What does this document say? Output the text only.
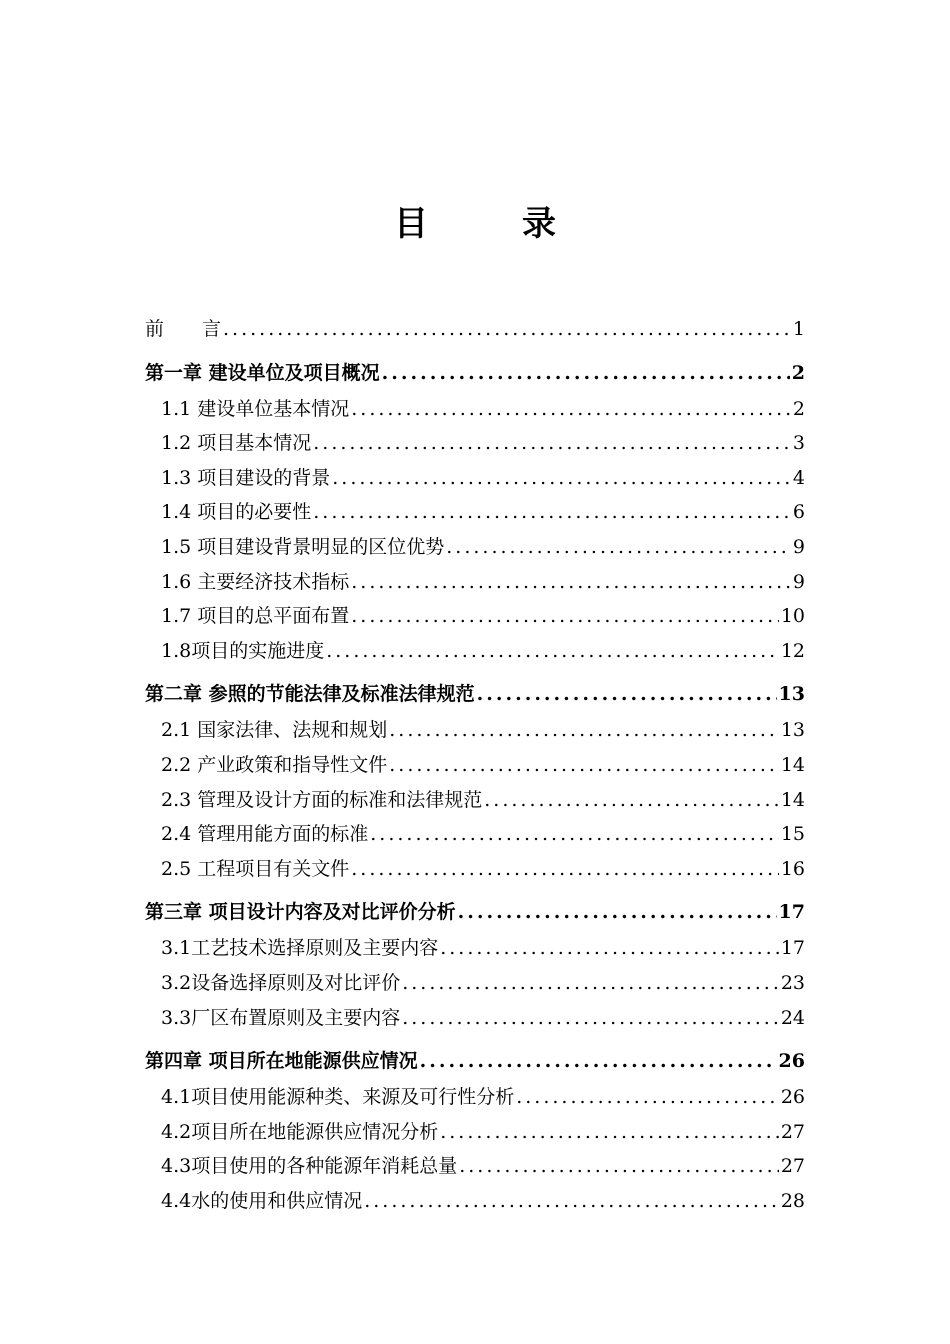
目　录
前　　言 .....	1
第一章 建设单位及项目概况 .....	2
1.1 建设单位基本情况 .....	2
1.2 项目基本情况 .....	3
1.3 项目建设的背景 .....	4
1.4 项目的必要性 .....	6
1.5 项目建设背景明显的区位优势 .....	9
1.6 主要经济技术指标 .....	9
1.7 项目的总平面布置 .....	10
1.8项目的实施进度 .....	12
第二章 参照的节能法律及标准法律规范 .....	13
2.1 国家法律、法规和规划 .....	13
2.2 产业政策和指导性文件 .....	14
2.3 管理及设计方面的标准和法律规范 .....	14
2.4 管理用能方面的标准 .....	15
2.5 工程项目有关文件 .....	16
第三章 项目设计内容及对比评价分析 .....	17
3.1工艺技术选择原则及主要内容 .....	17
3.2设备选择原则及对比评价 .....	23
3.3厂区布置原则及主要内容 .....	24
第四章 项目所在地能源供应情况 .....	26
4.1项目使用能源种类、来源及可行性分析 .....	26
4.2项目所在地能源供应情况分析 .....	27
4.3项目使用的各种能源年消耗总量 .....	27
4.4水的使用和供应情况 .....	28
